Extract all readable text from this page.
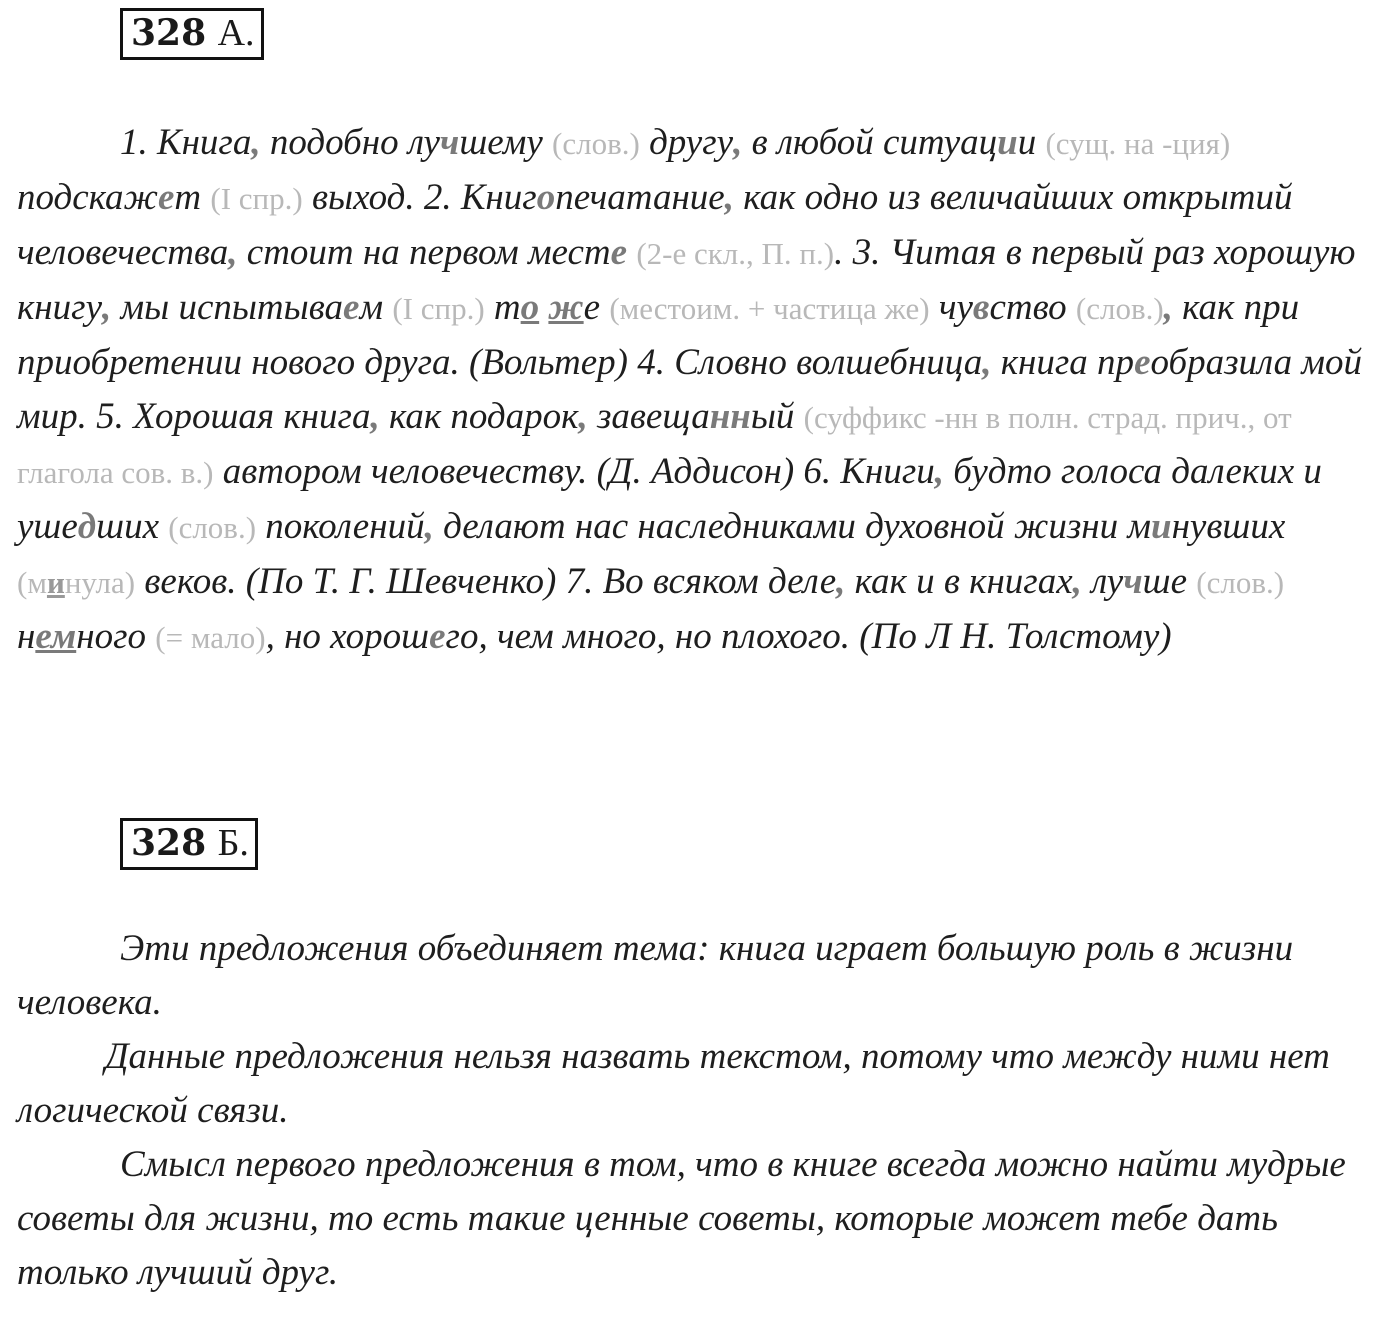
328 А.

1. Книга, подобно лучшему (слов.) другу, в любой ситуации (сущ. на -ция) подскажет (I спр.) выход. 2. Книгопечатание, как одно из величайших открытий человечества, стоит на первом месте (2-е скл., П. п.). 3. Читая в первый раз хорошую книгу, мы испытываем (I спр.) то же (местоим. + частица же) чувство (слов.), как при приобретении нового друга. (Вольтер) 4. Словно волшебница, книга преобразила мой мир. 5. Хорошая книга, как подарок, завещанный (суффикс -нн в полн. страд. прич., от глагола сов. в.) автором человечеству. (Д. Аддисон) 6. Книги, будто голоса далеких и ушедших (слов.) поколений, делают нас наследниками духовной жизни минувших (минула) веков. (По Т. Г. Шевченко) 7. Во всяком деле, как и в книгах, лучше (слов.) немного (= мало), но хорошего, чем много, но плохого. (По Л Н. Толстому)

328 Б.

Эти предложения объединяет тема: книга играет большую роль в жизни человека.

Данные предложения нельзя назвать текстом, потому что между ними нет логической связи.

Смысл первого предложения в том, что в книге всегда можно найти мудрые советы для жизни, то есть такие ценные советы, которые может тебе дать только лучший друг.
